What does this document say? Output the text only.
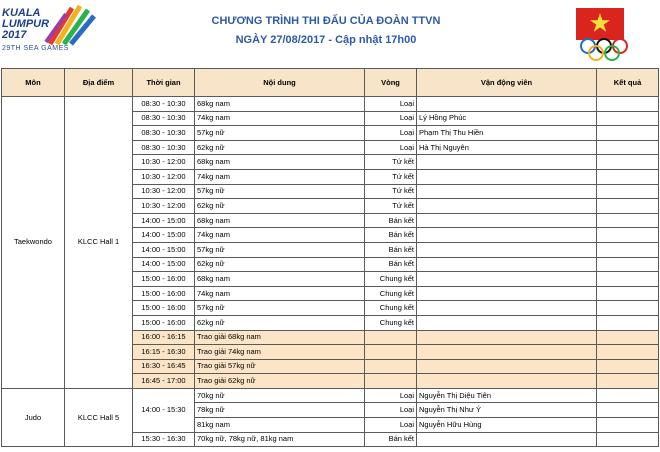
KUALA
LUMPUR
2017
29TH SEA GAMES
CHƯƠNG TRÌNH THI ĐẤU CỦA ĐOÀN TTVN
NGÀY 27/08/2017 - Cập nhật 17h00
Môn	Địa điểm	Thời gian	Nội dung	Vòng	Vận động viên	Kết quả
Taekwondo	KLCC Hall 1	08:30 - 10:30	68kg nam	Loại		
		08:30 - 10:30	74kg nam	Loại	Lý Hồng Phúc	
		08:30 - 10:30	57kg nữ	Loại	Phạm Thị Thu Hiền	
		08:30 - 10:30	62kg nữ	Loại	Hà Thị Nguyên	
		10:30 - 12:00	68kg nam	Tứ kết		
		10:30 - 12:00	74kg nam	Tứ kết		
		10:30 - 12:00	57kg nữ	Tứ kết		
		10:30 - 12:00	62kg nữ	Tứ kết		
		14:00 - 15:00	68kg nam	Bán kết		
		14:00 - 15:00	74kg nam	Bán kết		
		14:00 - 15:00	57kg nữ	Bán kết		
		14:00 - 15:00	62kg nữ	Bán kết		
		15:00 - 16:00	68kg nam	Chung kết		
		15:00 - 16:00	74kg nam	Chung kết		
		15:00 - 16:00	57kg nữ	Chung kết		
		15:00 - 16:00	62kg nữ	Chung kết		
		16:00 - 16:15	Trao giải 68kg nam			
		16:15 - 16:30	Trao giải 74kg nam			
		16:30 - 16:45	Trao giải 57kg nữ			
		16:45 - 17:00	Trao giải 62kg nữ			
Judo	KLCC Hall 5	14:00 - 15:30	70kg nữ	Loại	Nguyễn Thị Diệu Tiên	
			78kg nữ	Loại	Nguyễn Thị Như Ý	
			81kg nam	Loại	Nguyễn Hữu Hùng	
		15:30 - 16:30	70kg nữ, 78kg nữ, 81kg nam	Bán kết		
